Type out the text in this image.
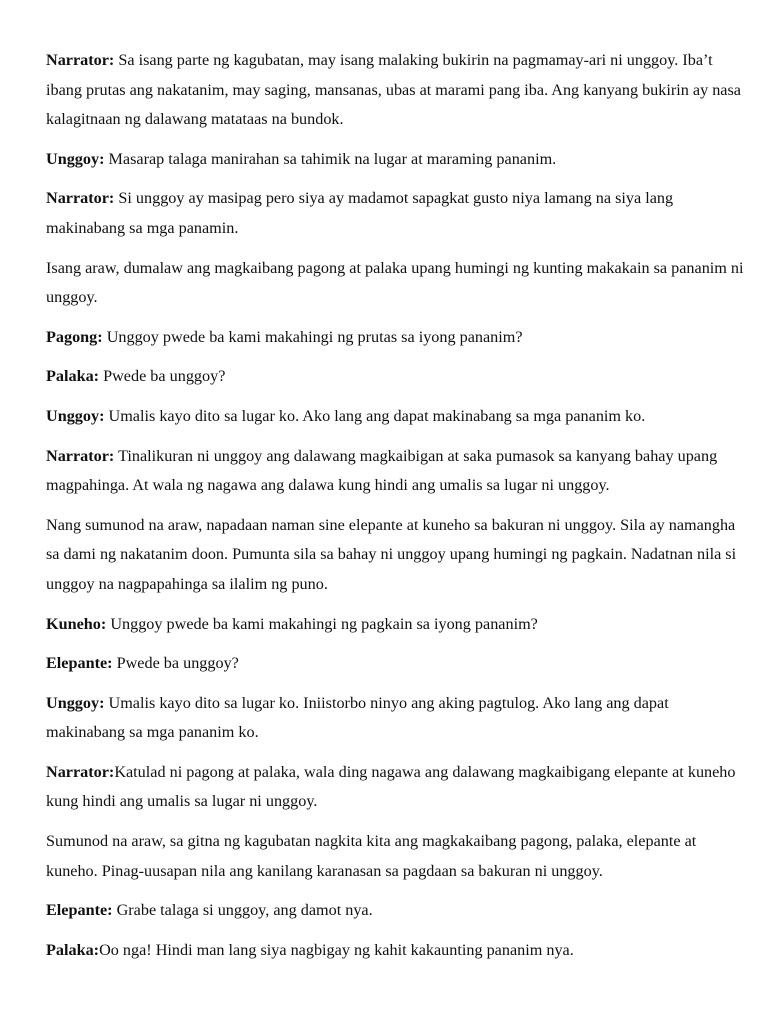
Narrator: Sa isang parte ng kagubatan, may isang malaking bukirin na pagmamay-ari ni unggoy. Iba’t ibang prutas ang nakatanim, may saging, mansanas, ubas at marami pang iba. Ang kanyang bukirin ay nasa kalagitnaan ng dalawang matataas na bundok.

Unggoy: Masarap talaga manirahan sa tahimik na lugar at maraming pananim.

Narrator: Si unggoy ay masipag pero siya ay madamot sapagkat gusto niya lamang na siya lang makinabang sa mga panamin.

Isang araw, dumalaw ang magkaibang pagong at palaka upang humingi ng kunting makakain sa pananim ni unggoy.

Pagong: Unggoy pwede ba kami makahingi ng prutas sa iyong pananim?

Palaka: Pwede ba unggoy?

Unggoy: Umalis kayo dito sa lugar ko. Ako lang ang dapat makinabang sa mga pananim ko.

Narrator: Tinalikuran ni unggoy ang dalawang magkaibigan at saka pumasok sa kanyang bahay upang magpahinga. At wala ng nagawa ang dalawa kung hindi ang umalis sa lugar ni unggoy.

Nang sumunod na araw, napadaan naman sine elepante at kuneho sa bakuran ni unggoy. Sila ay namangha sa dami ng nakatanim doon. Pumunta sila sa bahay ni unggoy upang humingi ng pagkain. Nadatnan nila si unggoy na nagpapahinga sa ilalim ng puno.

Kuneho: Unggoy pwede ba kami makahingi ng pagkain sa iyong pananim?

Elepante: Pwede ba unggoy?

Unggoy: Umalis kayo dito sa lugar ko. Iniistorbo ninyo ang aking pagtulog. Ako lang ang dapat makinabang sa mga pananim ko.

Narrator:Katulad ni pagong at palaka, wala ding nagawa ang dalawang magkaibigang elepante at kuneho kung hindi ang umalis sa lugar ni unggoy.

Sumunod na araw, sa gitna ng kagubatan nagkita kita ang magkakaibang pagong, palaka, elepante at kuneho. Pinag-uusapan nila ang kanilang karanasan sa pagdaan sa bakuran ni unggoy.

Elepante: Grabe talaga si unggoy, ang damot nya.

Palaka:Oo nga! Hindi man lang siya nagbigay ng kahit kakaunting pananim nya.
